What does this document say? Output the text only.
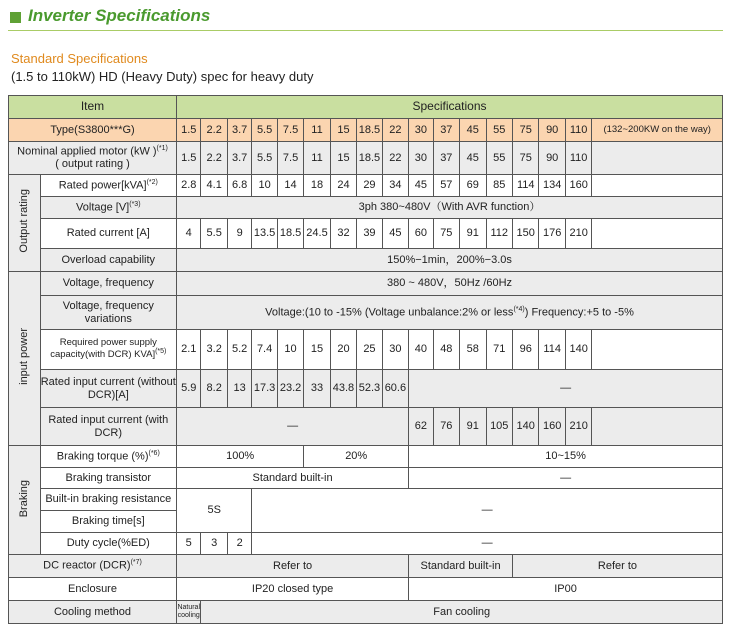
Inverter Specifications
Standard Specifications
(1.5 to 110kW) HD (Heavy Duty) spec for heavy duty
Item		Specifications																
Type(S3800***G)		1.5	2.2	3.7	5.5	7.5	11	15	18.5	22	30	37	45	55	75	90	110	(132~200KW on the way)
Nominal applied motor (kW )$^{(*1)}$
( output rating )		1.5	2.2	3.7	5.5	7.5	11	15	18.5	22	30	37	45	55	75	90	110	
Output rating	Rated power[kVA]$^{(*2)}$	2.8	4.1	6.8	10	14	18	24	29	34	45	57	69	85	114	134	160	
	Voltage $[V]^{(*3)}$	3ph 380~480V（With AVR function）																
	Rated current [A]	4	5.5	9	13.5	18.5	24.5	32	39	45	60	75	91	112	150	176	210	
	Overload capability	150%−1min，200%−3.0s																
input power	Voltage, frequency	380 ~ 480V，50Hz /60Hz																
	Voltage, frequency variations	Voltage:(10 to -15% (Voltage unbalance:2% or less$^{(*4)}$) Frequency:+5 to -5%																
	Required power supply capacity(with DCR) KVA]$^{(*5)}$	2.1	3.2	5.2	7.4	10	15	20	25	30	40	48	58	71	96	114	140	
	Rated input current (without DCR)[A]	5.9	8.2	13	17.3	23.2	33	43.8	52.3	60.6	—							
	Rated input current (with DCR)	—									62	76	91	105	140	160	210	
Braking	Braking torque (%)$^{(*6)}$	100%					20%				10~15%							
	Braking transistor	Standard built-in									—							
	Built-in braking resistance	5S			—													
	Braking time[s]																	
	Duty cycle(%ED)	5	3	2	—													
DC reactor (DCR)$^{(*7)}$		Refer to									Standard built-in				Refer to			
Enclosure		IP20 closed type									IP00							
Cooling method		Natural cooling	Fan cooling															
